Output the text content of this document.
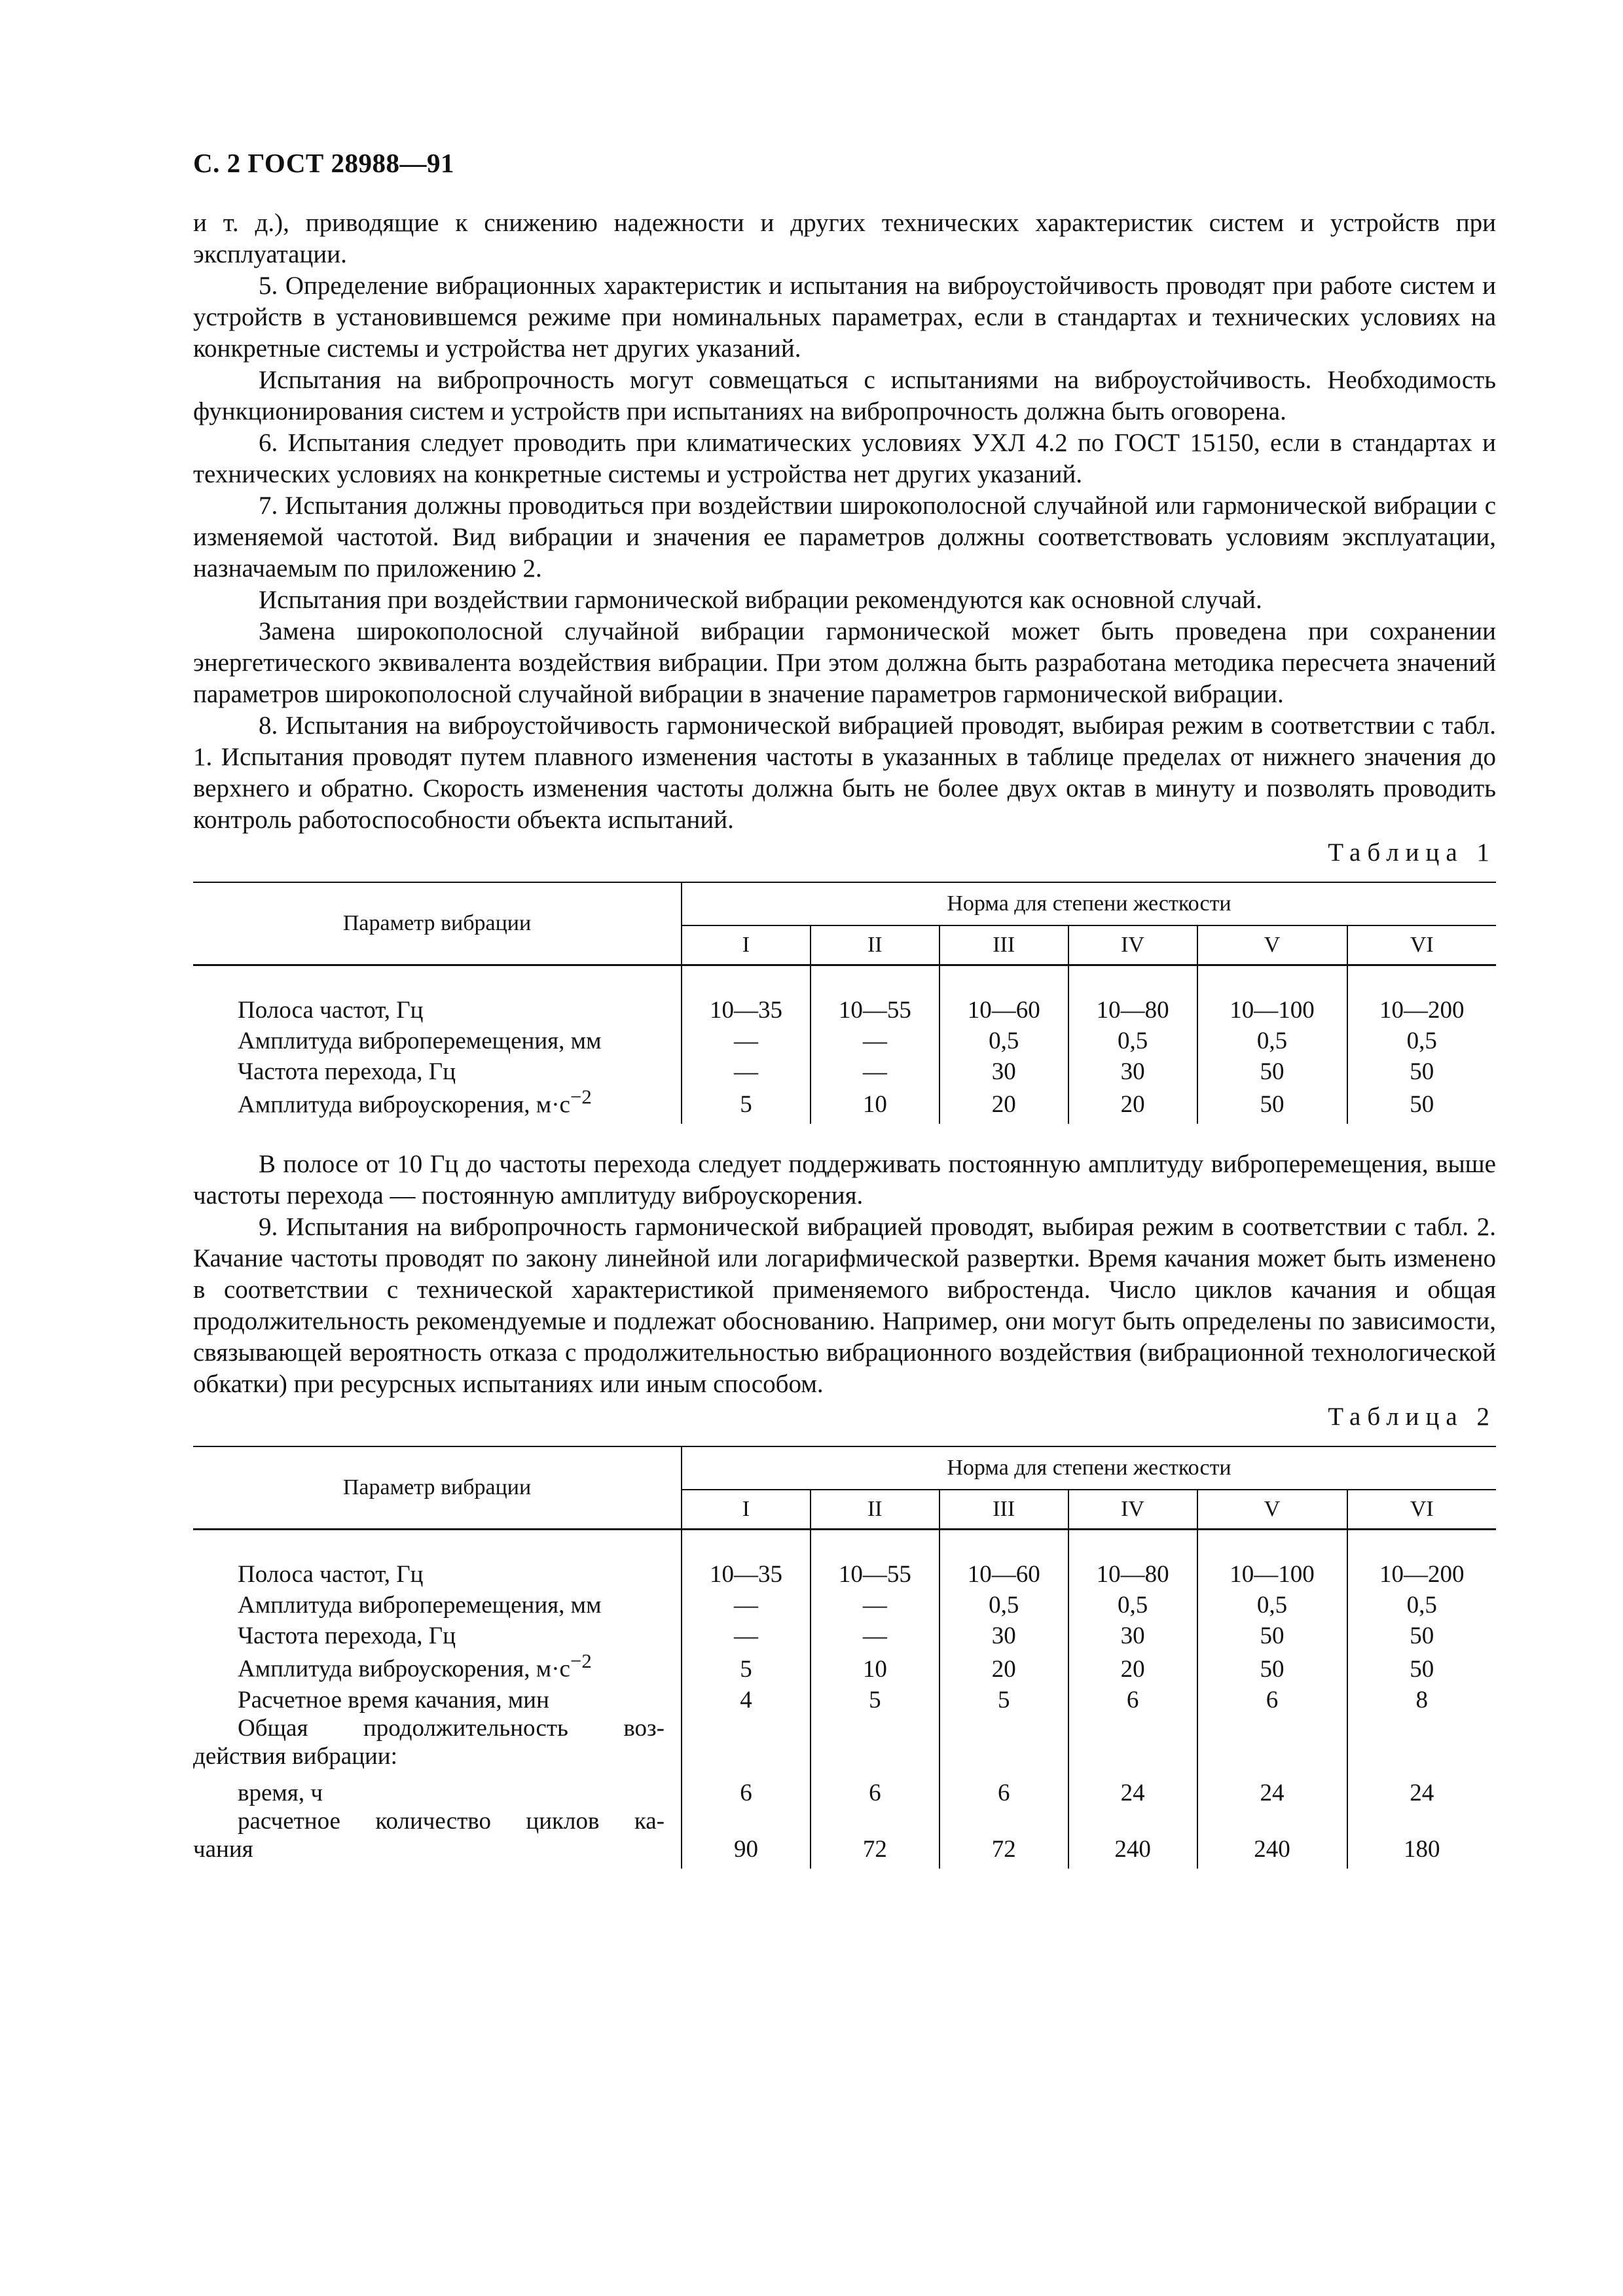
С. 2 ГОСТ 28988—91

и т. д.), приводящие к снижению надежности и других технических характеристик систем и устройств при эксплуатации.

5. Определение вибрационных характеристик и испытания на виброустойчивость проводят при работе систем и устройств в установившемся режиме при номинальных параметрах, если в стандартах и технических условиях на конкретные системы и устройства нет других указаний.

Испытания на вибропрочность могут совмещаться с испытаниями на виброустойчивость. Необходимость функционирования систем и устройств при испытаниях на вибропрочность должна быть оговорена.

6. Испытания следует проводить при климатических условиях УХЛ 4.2 по ГОСТ 15150, если в стандартах и технических условиях на конкретные системы и устройства нет других указаний.

7. Испытания должны проводиться при воздействии широкополосной случайной или гармонической вибрации с изменяемой частотой. Вид вибрации и значения ее параметров должны соответствовать условиям эксплуатации, назначаемым по приложению 2.

Испытания при воздействии гармонической вибрации рекомендуются как основной случай.

Замена широкополосной случайной вибрации гармонической может быть проведена при сохранении энергетического эквивалента воздействия вибрации. При этом должна быть разработана методика пересчета значений параметров широкополосной случайной вибрации в значение параметров гармонической вибрации.

8. Испытания на виброустойчивость гармонической вибрацией проводят, выбирая режим в соответствии с табл. 1. Испытания проводят путем плавного изменения частоты в указанных в таблице пределах от нижнего значения до верхнего и обратно. Скорость изменения частоты должна быть не более двух октав в минуту и позволять проводить контроль работоспособности объекта испытаний.

Таблица 1
Параметр вибрации	Норма для степени жесткости					
	I	II	III	IV	V	VI

Полоса частот, Гц	10—35	10—55	10—60	10—80	10—100	10—200
Амплитуда виброперемещения, мм	—	—	0,5	0,5	0,5	0,5
Частота перехода, Гц	—	—	30	30	50	50
Амплитуда виброускорения, $м\cdot с^{-2}$	5	10	20	20	50	50

В полосе от 10 Гц до частоты перехода следует поддерживать постоянную амплитуду виброперемещения, выше частоты перехода — постоянную амплитуду виброускорения.

9. Испытания на вибропрочность гармонической вибрацией проводят, выбирая режим в соответствии с табл. 2. Качание частоты проводят по закону линейной или логарифмической развертки. Время качания может быть изменено в соответствии с технической характеристикой применяемого вибростенда. Число циклов качания и общая продолжительность рекомендуемые и подлежат обоснованию. Например, они могут быть определены по зависимости, связывающей вероятность отказа с продолжительностью вибрационного воздействия (вибрационной технологической обкатки) при ресурсных испытаниях или иным способом.

Таблица 2
Параметр вибрации	Норма для степени жесткости					
	I	II	III	IV	V	VI

Полоса частот, Гц	10—35	10—55	10—60	10—80	10—100	10—200
Амплитуда виброперемещения, мм	—	—	0,5	0,5	0,5	0,5
Частота перехода, Гц	—	—	30	30	50	50
Амплитуда виброускорения, $м\cdot с^{-2}$	5	10	20	20	50	50
Расчетное время качания, мин	4	5	5	6	6	8

Общая продолжительность воз-
действия вибрации:						

время, ч	6	6	6	24	24	24

расчетное количество циклов ка-
чания	90	72	72	240	240	180
